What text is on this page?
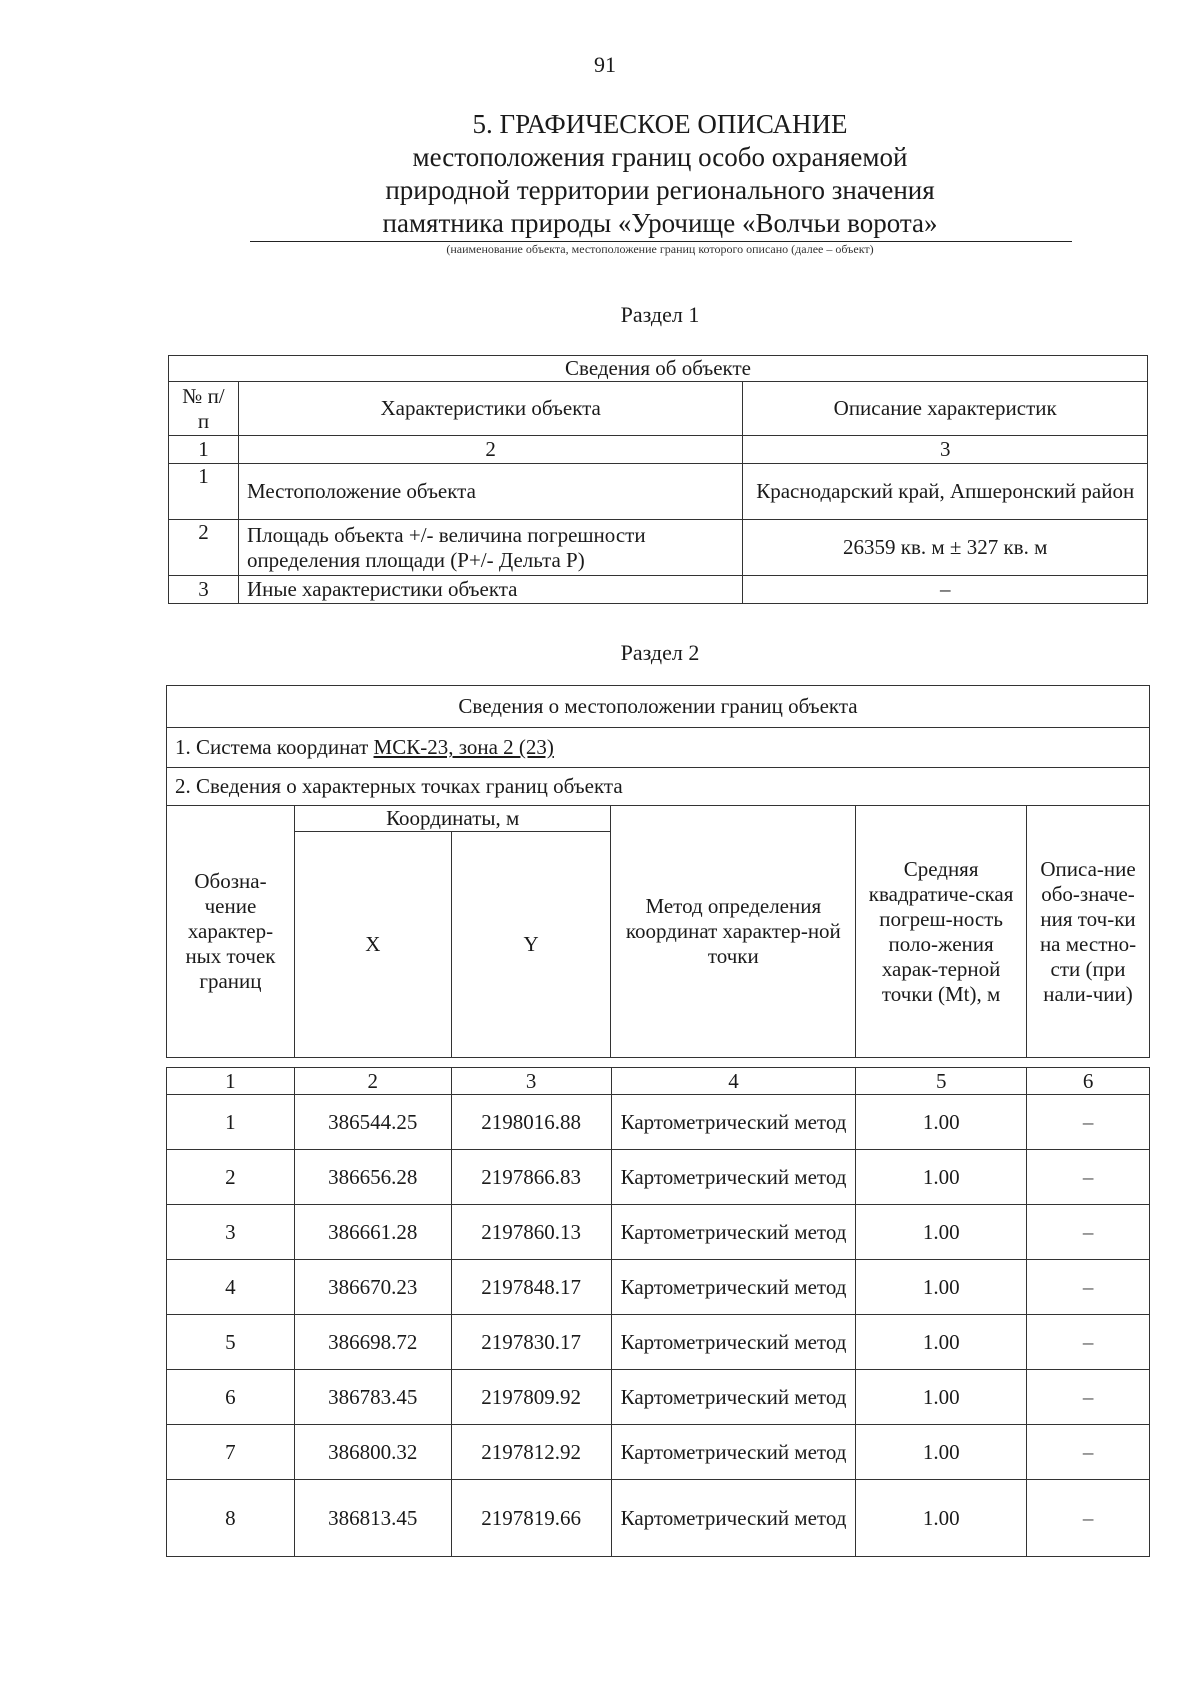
91
5. ГРАФИЧЕСКОЕ ОПИСАНИЕ
местоположения границ особо охраняемой
природной территории регионального значения
памятника природы «Урочище «Волчьи ворота»
(наименование объекта, местоположение границ которого описано (далее – объект)
Раздел 1
Сведения об объекте		
№ п/п	Характеристики объекта	Описание характеристик
1	2	3
1	Местоположение объекта	Краснодарский край, Апшеронский район
2	Площадь объекта +/- величина погрешности определения площади (P+/- Дельта P)	26359 кв. м ± 327 кв. м
3	Иные характеристики объекта	–
Раздел 2
Сведения о местоположении границ объекта					
1. Система координат МСК-23, зона 2 (23)					
2. Сведения о характерных точках границ объекта					
Обозна-чение характер-ных точек границ	Координаты, м		Метод определения координат характер-ной точки	Средняя квадратиче-ская погреш-ность поло-жения харак-терной точки (Mt), м	Описа-ние обо-значе-ния точ-ки на местно-сти (при нали-чии)
	X	Y			
1	2	3	4	5	6
1	386544.25	2198016.88	Картометрический метод	1.00	–
2	386656.28	2197866.83	Картометрический метод	1.00	–
3	386661.28	2197860.13	Картометрический метод	1.00	–
4	386670.23	2197848.17	Картометрический метод	1.00	–
5	386698.72	2197830.17	Картометрический метод	1.00	–
6	386783.45	2197809.92	Картометрический метод	1.00	–
7	386800.32	2197812.92	Картометрический метод	1.00	–
8	386813.45	2197819.66	Картометрический метод	1.00	–
